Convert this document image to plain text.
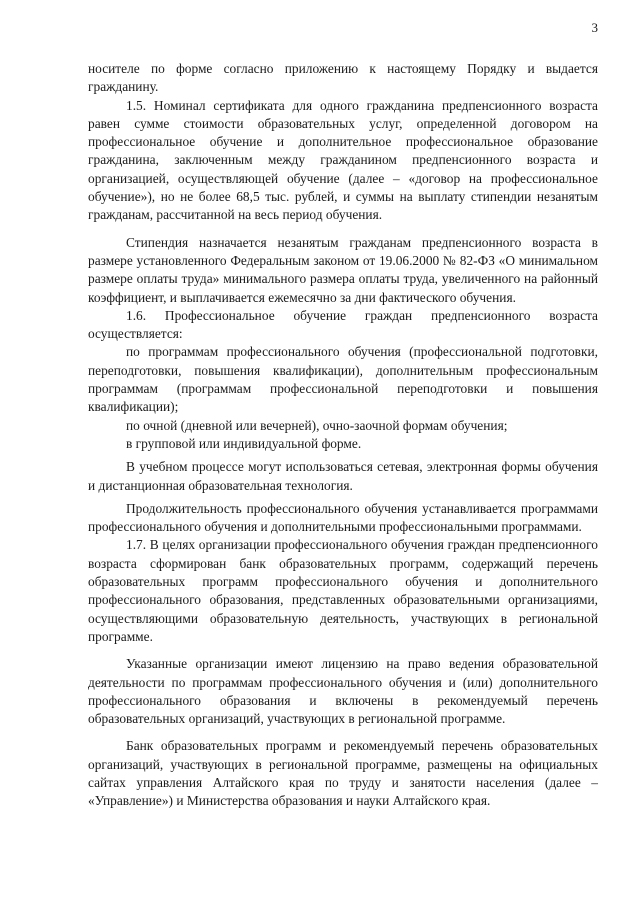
3

носителе по форме согласно приложению к настоящему Порядку и выдается гражданину.

1.5. Номинал сертификата для одного гражданина предпенсионного возраста равен сумме стоимости образовательных услуг, определенной договором на профессиональное обучение и дополнительное профессиональное образование гражданина, заключенным между гражданином предпенсионного возраста и организацией, осуществляющей обучение (далее – «договор на профессиональное обучение»), но не более 68,5 тыс. рублей, и суммы на выплату стипендии незанятым гражданам, рассчитанной на весь период обучения.

Стипендия назначается незанятым гражданам предпенсионного возраста в размере установленного Федеральным законом от 19.06.2000 № 82-ФЗ «О минимальном размере оплаты труда» минимального размера оплаты труда, увеличенного на районный коэффициент, и выплачивается ежемесячно за дни фактического обучения.

1.6. Профессиональное обучение граждан предпенсионного возраста осуществляется:

по программам профессионального обучения (профессиональной подготовки, переподготовки, повышения квалификации), дополнительным профессиональным программам (программам профессиональной переподготовки и повышения квалификации);

по очной (дневной или вечерней), очно-заочной формам обучения;

в групповой или индивидуальной форме.

В учебном процессе могут использоваться сетевая, электронная формы обучения и дистанционная образовательная технология.

Продолжительность профессионального обучения устанавливается программами профессионального обучения и дополнительными профессиональными программами.

1.7. В целях организации профессионального обучения граждан предпенсионного возраста сформирован банк образовательных программ, содержащий перечень образовательных программ профессионального обучения и дополнительного профессионального образования, представленных образовательными организациями, осуществляющими образовательную деятельность, участвующих в региональной программе.

Указанные организации имеют лицензию на право ведения образовательной деятельности по программам профессионального обучения и (или) дополнительного профессионального образования и включены в рекомендуемый перечень образовательных организаций, участвующих в региональной программе.

Банк образовательных программ и рекомендуемый перечень образовательных организаций, участвующих в региональной программе, размещены на официальных сайтах управления Алтайского края по труду и занятости населения (далее – «Управление») и Министерства образования и науки Алтайского края.
